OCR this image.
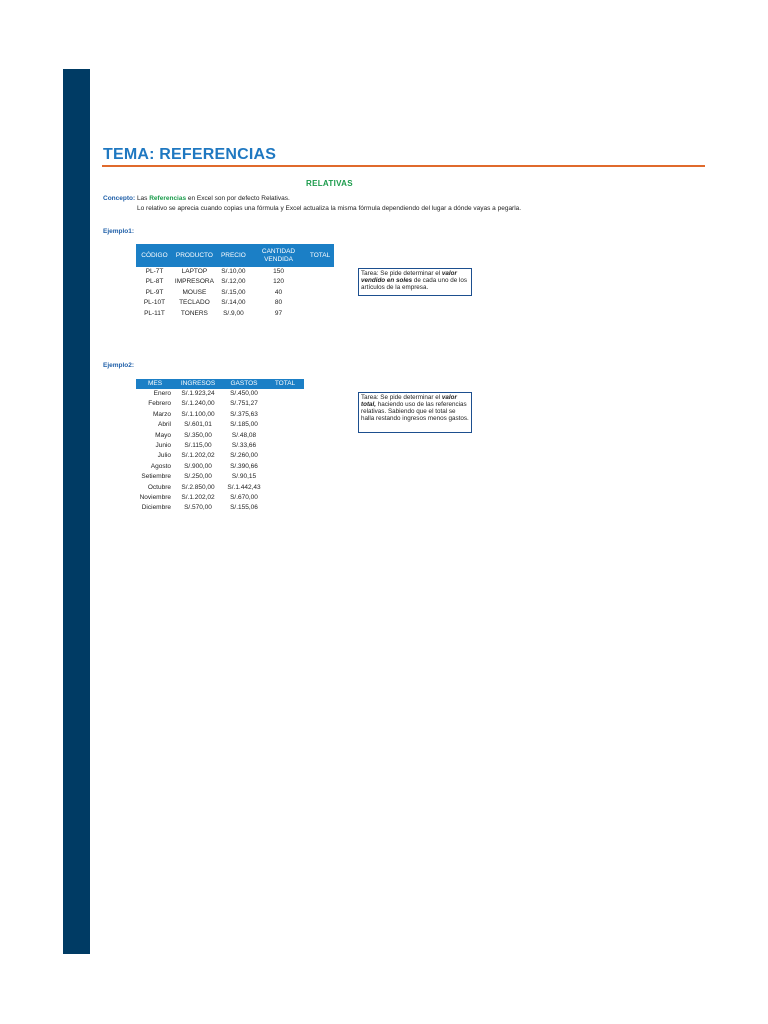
TEMA: REFERENCIAS
RELATIVAS
Concepto: Las Referencias en Excel son por defecto Relativas.
Lo relativo se aprecia cuando copias una fórmula y Excel actualiza la misma fórmula dependiendo del lugar a dónde vayas a pegarla.
Ejemplo1:
CÓDIGO	PRODUCTO	PRECIO	CANTIDAD VENDIDA	TOTAL
PL-7T	LAPTOP	S/.10,00	150	
PL-8T	IMPRESORA	S/.12,00	120	
PL-9T	MOUSE	S/.15,00	40	
PL-10T	TECLADO	S/.14,00	80	
PL-11T	TONERS	S/.9,00	97	
Tarea: Se pide determinar el valor vendido en soles de cada uno de los artículos de la empresa.
Ejemplo2:
MES	INGRESOS	GASTOS	TOTAL
Enero	S/.1.923,24	S/.450,00	
Febrero	S/.1.240,00	S/.751,27	
Marzo	S/.1.100,00	S/.375,63	
Abril	S/.601,01	S/.185,00	
Mayo	S/.350,00	S/.48,08	
Junio	S/.115,00	S/.33,66	
Julio	S/.1.202,02	S/.260,00	
Agosto	S/.900,00	S/.390,66	
Setiembre	S/.250,00	S/.90,15	
Octubre	S/.2.850,00	S/.1.442,43	
Noviembre	S/.1.202,02	S/.670,00	
Diciembre	S/.570,00	S/.155,06	
Tarea: Se pide determinar el valor total, haciendo uso de las referencias relativas. Sabiendo que el total se halla restando ingresos menos gastos.
